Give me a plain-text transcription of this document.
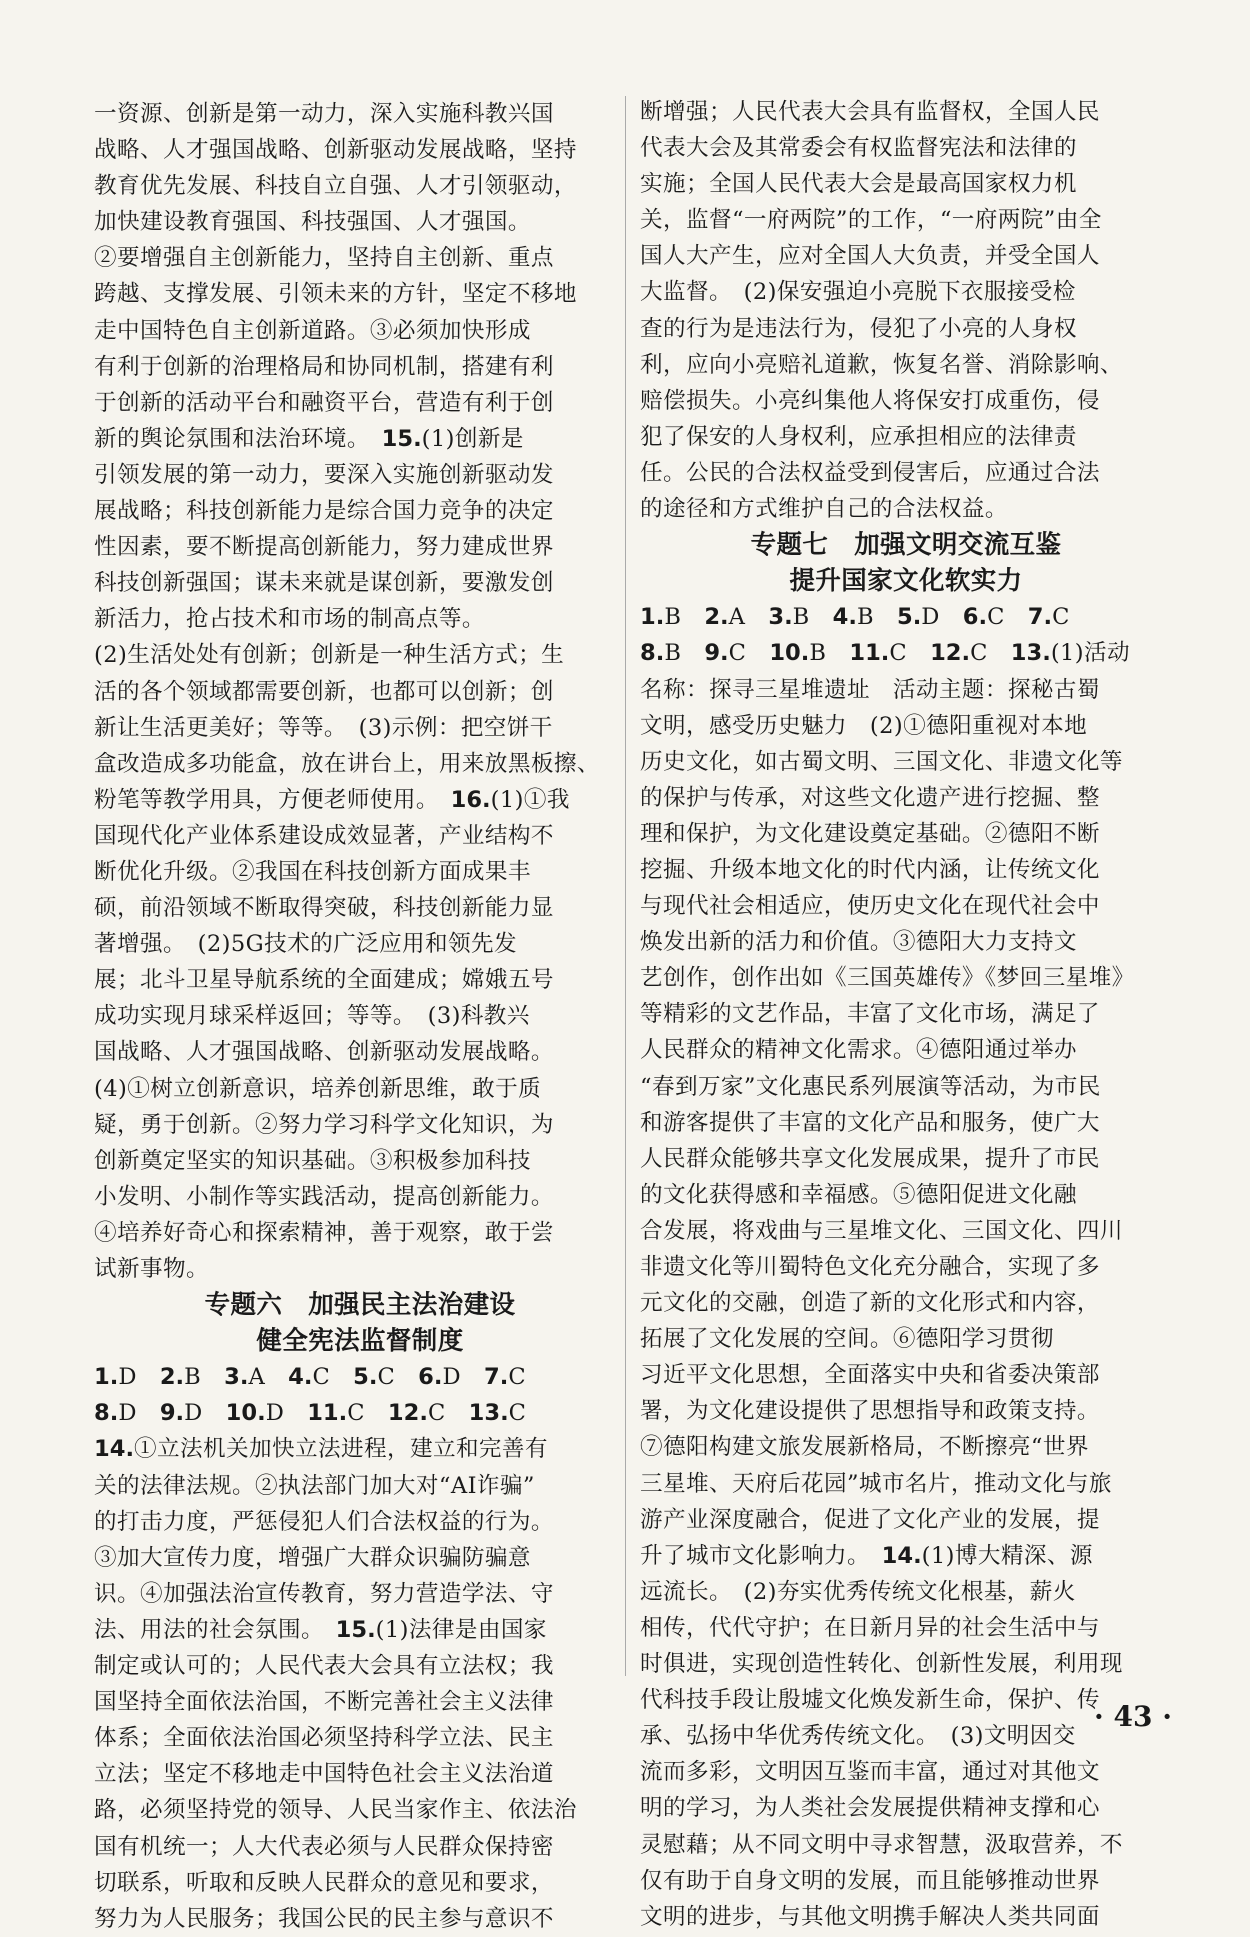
一资源、创新是第一动力，深入实施科教兴国
战略、人才强国战略、创新驱动发展战略，坚持
教育优先发展、科技自立自强、人才引领驱动，
加快建设教育强国、科技强国、人才强国。
②要增强自主创新能力，坚持自主创新、重点
跨越、支撑发展、引领未来的方针，坚定不移地
走中国特色自主创新道路。③必须加快形成
有利于创新的治理格局和协同机制，搭建有利
于创新的活动平台和融资平台，营造有利于创
新的舆论氛围和法治环境。　15.(1)创新是
引领发展的第一动力，要深入实施创新驱动发
展战略；科技创新能力是综合国力竞争的决定
性因素，要不断提高创新能力，努力建成世界
科技创新强国；谋未来就是谋创新，要激发创
新活力，抢占技术和市场的制高点等。
(2)生活处处有创新；创新是一种生活方式；生
活的各个领域都需要创新，也都可以创新；创
新让生活更美好；等等。　(3)示例：把空饼干
盒改造成多功能盒，放在讲台上，用来放黑板擦、
粉笔等教学用具，方便老师使用。　16.(1)①我
国现代化产业体系建设成效显著，产业结构不
断优化升级。②我国在科技创新方面成果丰
硕，前沿领域不断取得突破，科技创新能力显
著增强。　(2)5G技术的广泛应用和领先发
展；北斗卫星导航系统的全面建成；嫦娥五号
成功实现月球采样返回；等等。　(3)科教兴
国战略、人才强国战略、创新驱动发展战略。
(4)①树立创新意识，培养创新思维，敢于质
疑，勇于创新。②努力学习科学文化知识，为
创新奠定坚实的知识基础。③积极参加科技
小发明、小制作等实践活动，提高创新能力。
④培养好奇心和探索精神，善于观察，敢于尝
试新事物。
专题六　加强民主法治建设
健全宪法监督制度
1.D　2.B　3.A　4.C　5.C　6.D　7.C
8.D　9.D　10.D　11.C　12.C　13.C
14.①立法机关加快立法进程，建立和完善有
关的法律法规。②执法部门加大对“AI诈骗”
的打击力度，严惩侵犯人们合法权益的行为。
③加大宣传力度，增强广大群众识骗防骗意
识。④加强法治宣传教育，努力营造学法、守
法、用法的社会氛围。　15.(1)法律是由国家
制定或认可的；人民代表大会具有立法权；我
国坚持全面依法治国，不断完善社会主义法律
体系；全面依法治国必须坚持科学立法、民主
立法；坚定不移地走中国特色社会主义法治道
路，必须坚持党的领导、人民当家作主、依法治
国有机统一；人大代表必须与人民群众保持密
切联系，听取和反映人民群众的意见和要求，
努力为人民服务；我国公民的民主参与意识不
断增强；人民代表大会具有监督权，全国人民
代表大会及其常委会有权监督宪法和法律的
实施；全国人民代表大会是最高国家权力机
关，监督“一府两院”的工作，“一府两院”由全
国人大产生，应对全国人大负责，并受全国人
大监督。　(2)保安强迫小亮脱下衣服接受检
查的行为是违法行为，侵犯了小亮的人身权
利，应向小亮赔礼道歉，恢复名誉、消除影响、
赔偿损失。小亮纠集他人将保安打成重伤，侵
犯了保安的人身权利，应承担相应的法律责
任。公民的合法权益受到侵害后，应通过合法
的途径和方式维护自己的合法权益。
专题七　加强文明交流互鉴
提升国家文化软实力
1.B　2.A　3.B　4.B　5.D　6.C　7.C
8.B　9.C　10.B　11.C　12.C　13.(1)活动
名称：探寻三星堆遗址　活动主题：探秘古蜀
文明，感受历史魅力　(2)①德阳重视对本地
历史文化，如古蜀文明、三国文化、非遗文化等
的保护与传承，对这些文化遗产进行挖掘、整
理和保护，为文化建设奠定基础。②德阳不断
挖掘、升级本地文化的时代内涵，让传统文化
与现代社会相适应，使历史文化在现代社会中
焕发出新的活力和价值。③德阳大力支持文
艺创作，创作出如《三国英雄传》《梦回三星堆》
等精彩的文艺作品，丰富了文化市场，满足了
人民群众的精神文化需求。④德阳通过举办
“春到万家”文化惠民系列展演等活动，为市民
和游客提供了丰富的文化产品和服务，使广大
人民群众能够共享文化发展成果，提升了市民
的文化获得感和幸福感。⑤德阳促进文化融
合发展，将戏曲与三星堆文化、三国文化、四川
非遗文化等川蜀特色文化充分融合，实现了多
元文化的交融，创造了新的文化形式和内容，
拓展了文化发展的空间。⑥德阳学习贯彻
习近平文化思想，全面落实中央和省委决策部
署，为文化建设提供了思想指导和政策支持。
⑦德阳构建文旅发展新格局，不断擦亮“世界
三星堆、天府后花园”城市名片，推动文化与旅
游产业深度融合，促进了文化产业的发展，提
升了城市文化影响力。　14.(1)博大精深、源
远流长。　(2)夯实优秀传统文化根基，薪火
相传，代代守护；在日新月异的社会生活中与
时俱进，实现创造性转化、创新性发展，利用现
代科技手段让殷墟文化焕发新生命，保护、传
承、弘扬中华优秀传统文化。　(3)文明因交
流而多彩，文明因互鉴而丰富，通过对其他文
明的学习，为人类社会发展提供精神支撑和心
灵慰藉；从不同文明中寻求智慧，汲取营养，不
仅有助于自身文明的发展，而且能够推动世界
文明的进步，与其他文明携手解决人类共同面
· 43 ·
